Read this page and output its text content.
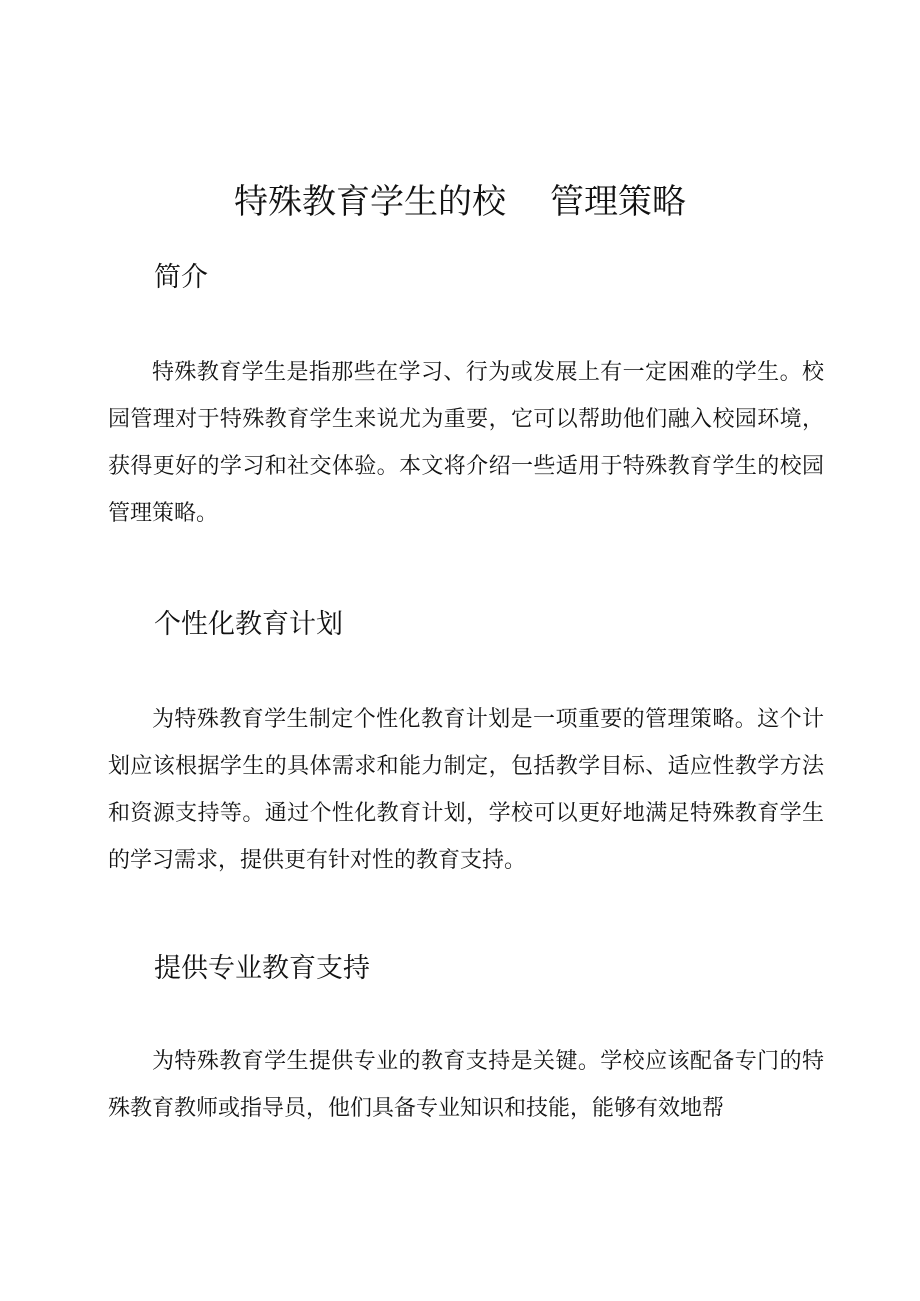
特殊教育学生的校 管理策略
简介

特殊教育学生是指那些在学习、行为或发展上有一定困难的学生。校园管理对于特殊教育学生来说尤为重要，它可以帮助他们融入校园环境，获得更好的学习和社交体验。本文将介绍一些适用于特殊教育学生的校园管理策略。

个性化教育计划

为特殊教育学生制定个性化教育计划是一项重要的管理策略。这个计划应该根据学生的具体需求和能力制定，包括教学目标、适应性教学方法和资源支持等。通过个性化教育计划，学校可以更好地满足特殊教育学生的学习需求，提供更有针对性的教育支持。

提供专业教育支持

为特殊教育学生提供专业的教育支持是关键。学校应该配备专门的特殊教育教师或指导员，他们具备专业知识和技能，能够有效地帮
